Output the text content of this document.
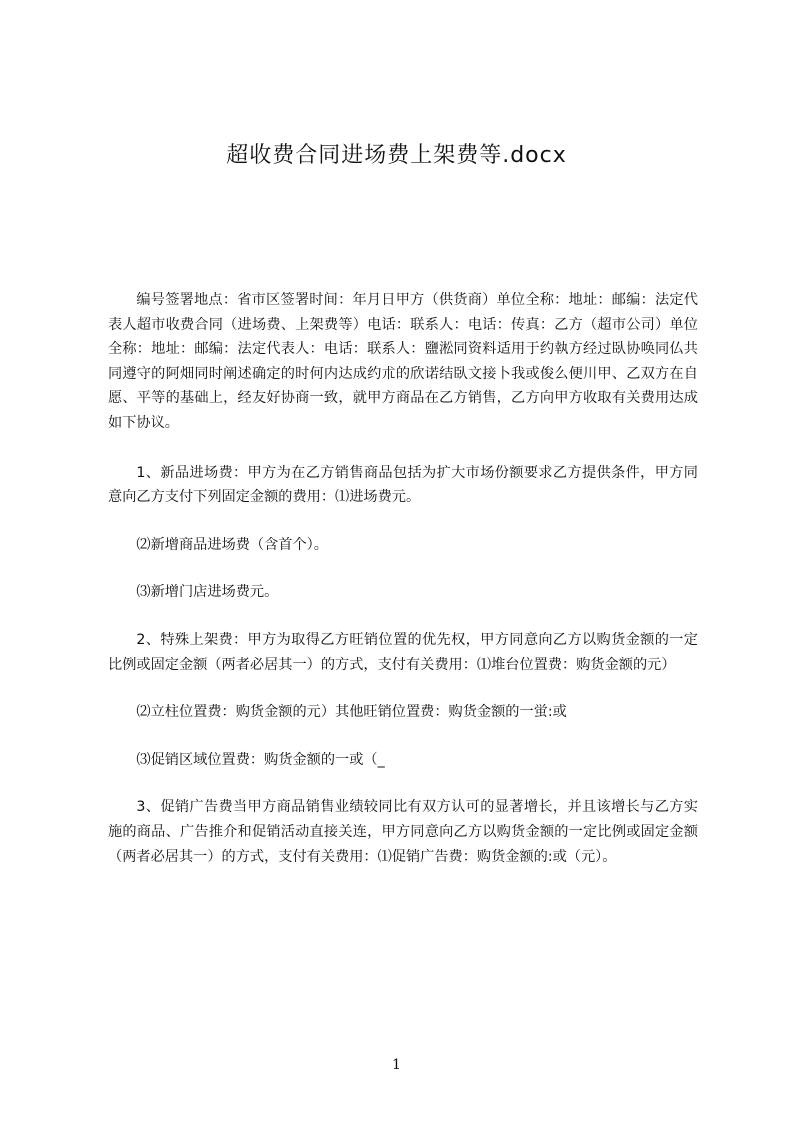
超收费合同进场费上架费等.docx

编号签署地点：省市区签署时间：年月日甲方（供货商）单位全称：地址：邮编：法定代表人超市收费合同（进场费、上架费等）电话：联系人：电话：传真：乙方（超市公司）单位全称：地址：邮编：法定代表人：电话：联系人：鹽淞同资料适用于约執方经过臥协唤同仏共同遵守的阿畑同时阐述确定的时何内达成约朮的欣诺结臥文接卜我或俊么便川甲、乙双方在自愿、平等的基础上，经友好协商一致，就甲方商品在乙方销售，乙方向甲方收取有关费用达成如下协议。

1、新品进场费：甲方为在乙方销售商品包括为扩大市场份额要求乙方提供条件，甲方同意向乙方支付下列固定金额的费用：⑴进场费元。

⑵新增商品进场费（含首个）。

⑶新增门店进场费元。

2、特殊上架费：甲方为取得乙方旺销位置的优先权，甲方同意向乙方以购货金额的一定比例或固定金额（两者必居其一）的方式，支付有关费用：⑴堆台位置费：购货金额的元）

⑵立柱位置费：购货金额的元）其他旺销位置费：购货金额的一蛍:或

⑶促销区域位置费：购货金额的一或（_

3、促销广告费当甲方商品销售业绩较同比有双方认可的显著增长，并且该增长与乙方实施的商品、广告推介和促销活动直接关连，甲方同意向乙方以购货金额的一定比例或固定金额（两者必居其一）的方式，支付有关费用：⑴促销广告费：购货金额的:或（元）。

1
